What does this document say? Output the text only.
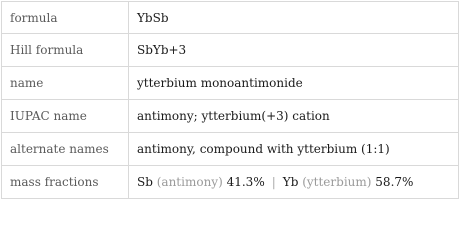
formula	YbSb
Hill formula	SbYb+3
name	ytterbium monoantimonide
IUPAC name	antimony; ytterbium(+3) cation
alternate names	antimony, compound with ytterbium (1:1)
mass fractions	Sb (antimony) 41.3% | Yb (ytterbium) 58.7%
